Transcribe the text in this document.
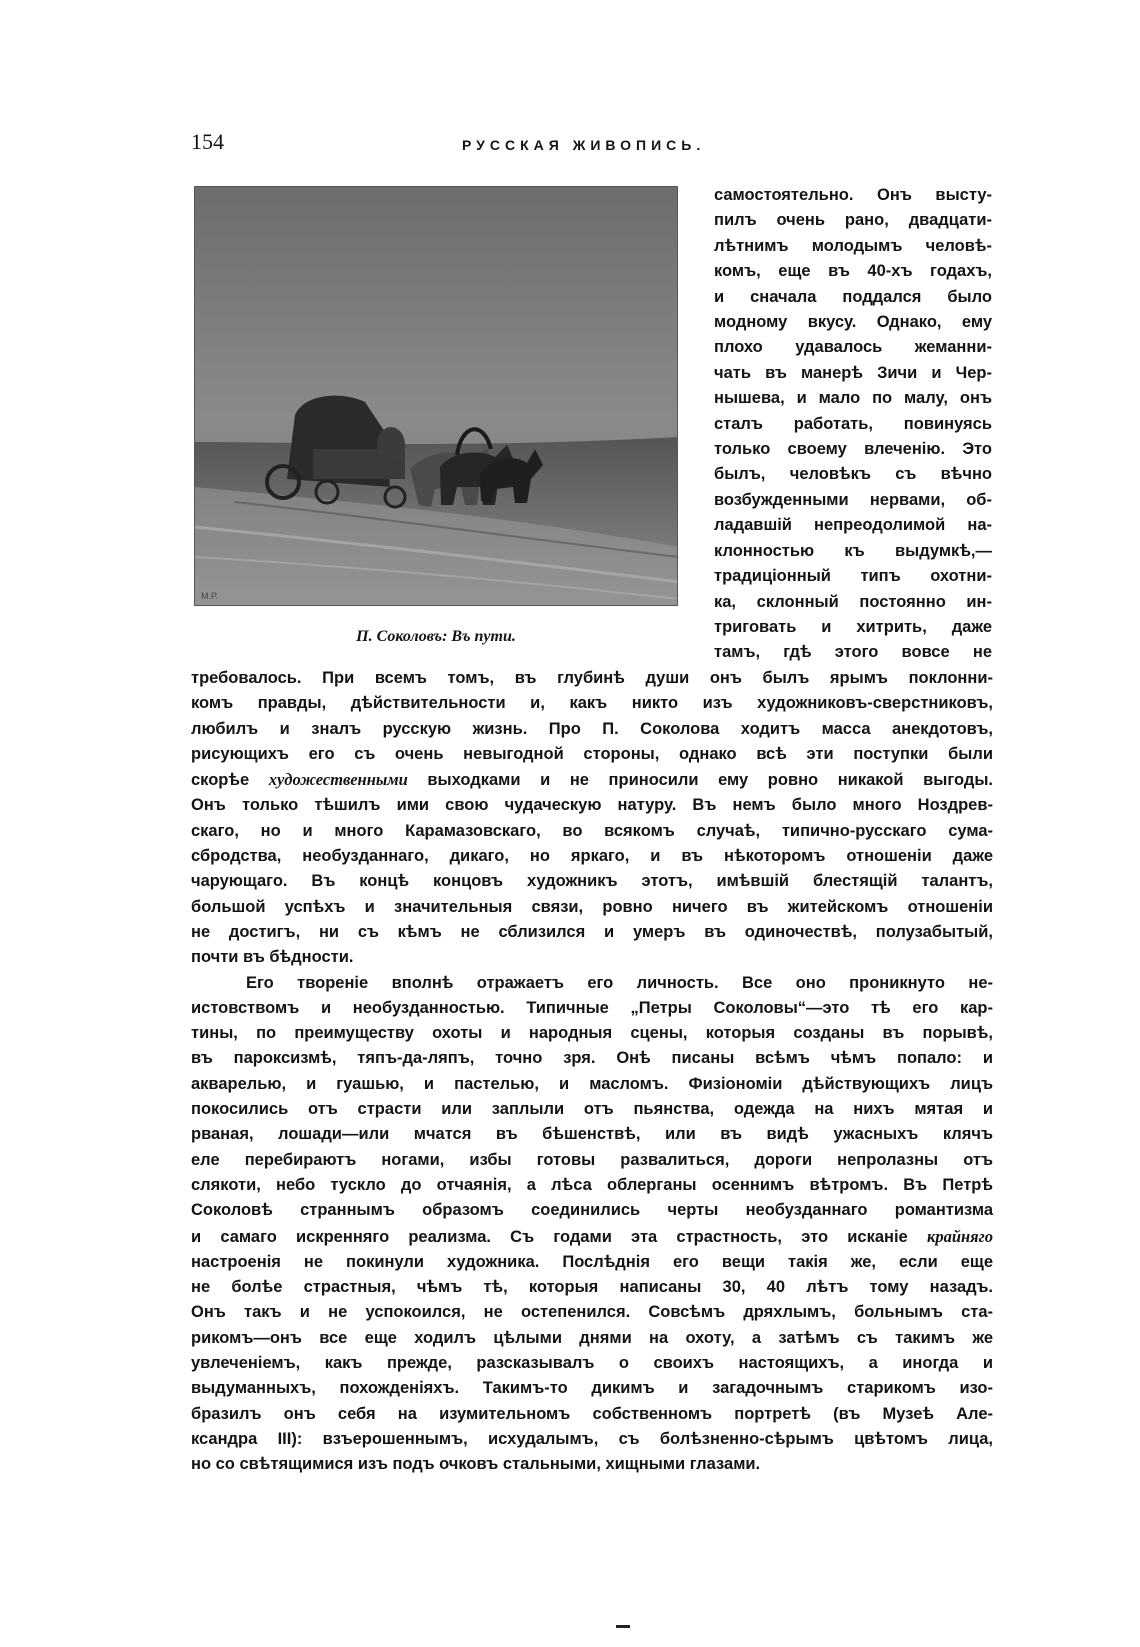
154	РУССКАЯ ЖИВОПИСЬ.
M.P.
П. Соколовъ: Въ пути.
самостоятельно. Онъ высту-
пилъ очень рано, двадцати-
лѣтнимъ молодымъ человѣ-
комъ, еще въ 40-хъ годахъ,
и сначала поддался было
модному вкусу. Однако, ему
плохо удавалось жеманни-
чать въ манерѣ Зичи и Чер-
нышева, и мало по малу, онъ
сталъ работать, повинуясь
только своему влеченію. Это
былъ, человѣкъ съ вѣчно
возбужденными нервами, об-
ладавшій непреодолимой на-
клонностью къ выдумкѣ,—
традиціонный типъ охотни-
ка, склонный постоянно ин-
триговать и хитрить, даже
тамъ, гдѣ этого вовсе не
требовалось. При всемъ томъ, въ глубинѣ души онъ былъ ярымъ поклонни-
комъ правды, дѣйствительности и, какъ никто изъ художниковъ-сверстниковъ,
любилъ и зналъ русскую жизнь. Про П. Соколова ходитъ масса анекдотовъ,
рисующихъ его съ очень невыгодной стороны, однако всѣ эти поступки были
скорѣе художественными выходками и не приносили ему ровно никакой выгоды.
Онъ только тѣшилъ ими свою чудаческую натуру. Въ немъ было много Ноздрев-
скаго, но и много Карамазовскаго, во всякомъ случаѣ, типично-русскаго сума-
сбродства, необузданнаго, дикаго, но яркаго, и въ нѣкоторомъ отношеніи даже
чарующаго. Въ концѣ концовъ художникъ этотъ, имѣвшій блестящій талантъ,
большой успѣхъ и значительныя связи, ровно ничего въ житейскомъ отношеніи
не достигъ, ни съ кѣмъ не сблизился и умеръ въ одиночествѣ, полузабытый,
почти въ бѣдности.
Его твореніе вполнѣ отражаетъ его личность. Все оно проникнуто не-
истовствомъ и необузданностью. Типичные „Петры Соколовы“—это тѣ его кар-
тины, по преимуществу охоты и народныя сцены, которыя созданы въ порывѣ,
въ пароксизмѣ, тяпъ-да-ляпъ, точно зря. Онѣ писаны всѣмъ чѣмъ попало: и
акварелью, и гуашью, и пастелью, и масломъ. Физіономіи дѣйствующихъ лицъ
покосились отъ страсти или заплыли отъ пьянства, одежда на нихъ мятая и
рваная, лошади—или мчатся въ бѣшенствѣ, или въ видѣ ужасныхъ клячъ
еле перебираютъ ногами, избы готовы развалиться, дороги непролазны отъ
слякоти, небо тускло до отчаянія, а лѣса облерганы осеннимъ вѣтромъ. Въ Петрѣ
Соколовѣ страннымъ образомъ соединились черты необузданнаго романтизма
и самаго искренняго реализма. Съ годами эта страстность, это исканіе крайняго
настроенія не покинули художника. Послѣднія его вещи такія же, если еще
не болѣе страстныя, чѣмъ тѣ, которыя написаны 30, 40 лѣтъ тому назадъ.
Онъ такъ и не успокоился, не остепенился. Совсѣмъ дряхлымъ, больнымъ ста-
рикомъ—онъ все еще ходилъ цѣлыми днями на охоту, а затѣмъ съ такимъ же
увлеченіемъ, какъ прежде, разсказывалъ о своихъ настоящихъ, а иногда и
выдуманныхъ, похожденіяхъ. Такимъ-то дикимъ и загадочнымъ старикомъ изо-
бразилъ онъ себя на изумительномъ собственномъ портретѣ (въ Музеѣ Але-
ксандра III): взъерошеннымъ, исхудалымъ, съ болѣзненно-сѣрымъ цвѣтомъ лица,
но со свѣтящимися изъ подъ очковъ стальными, хищными глазами.
